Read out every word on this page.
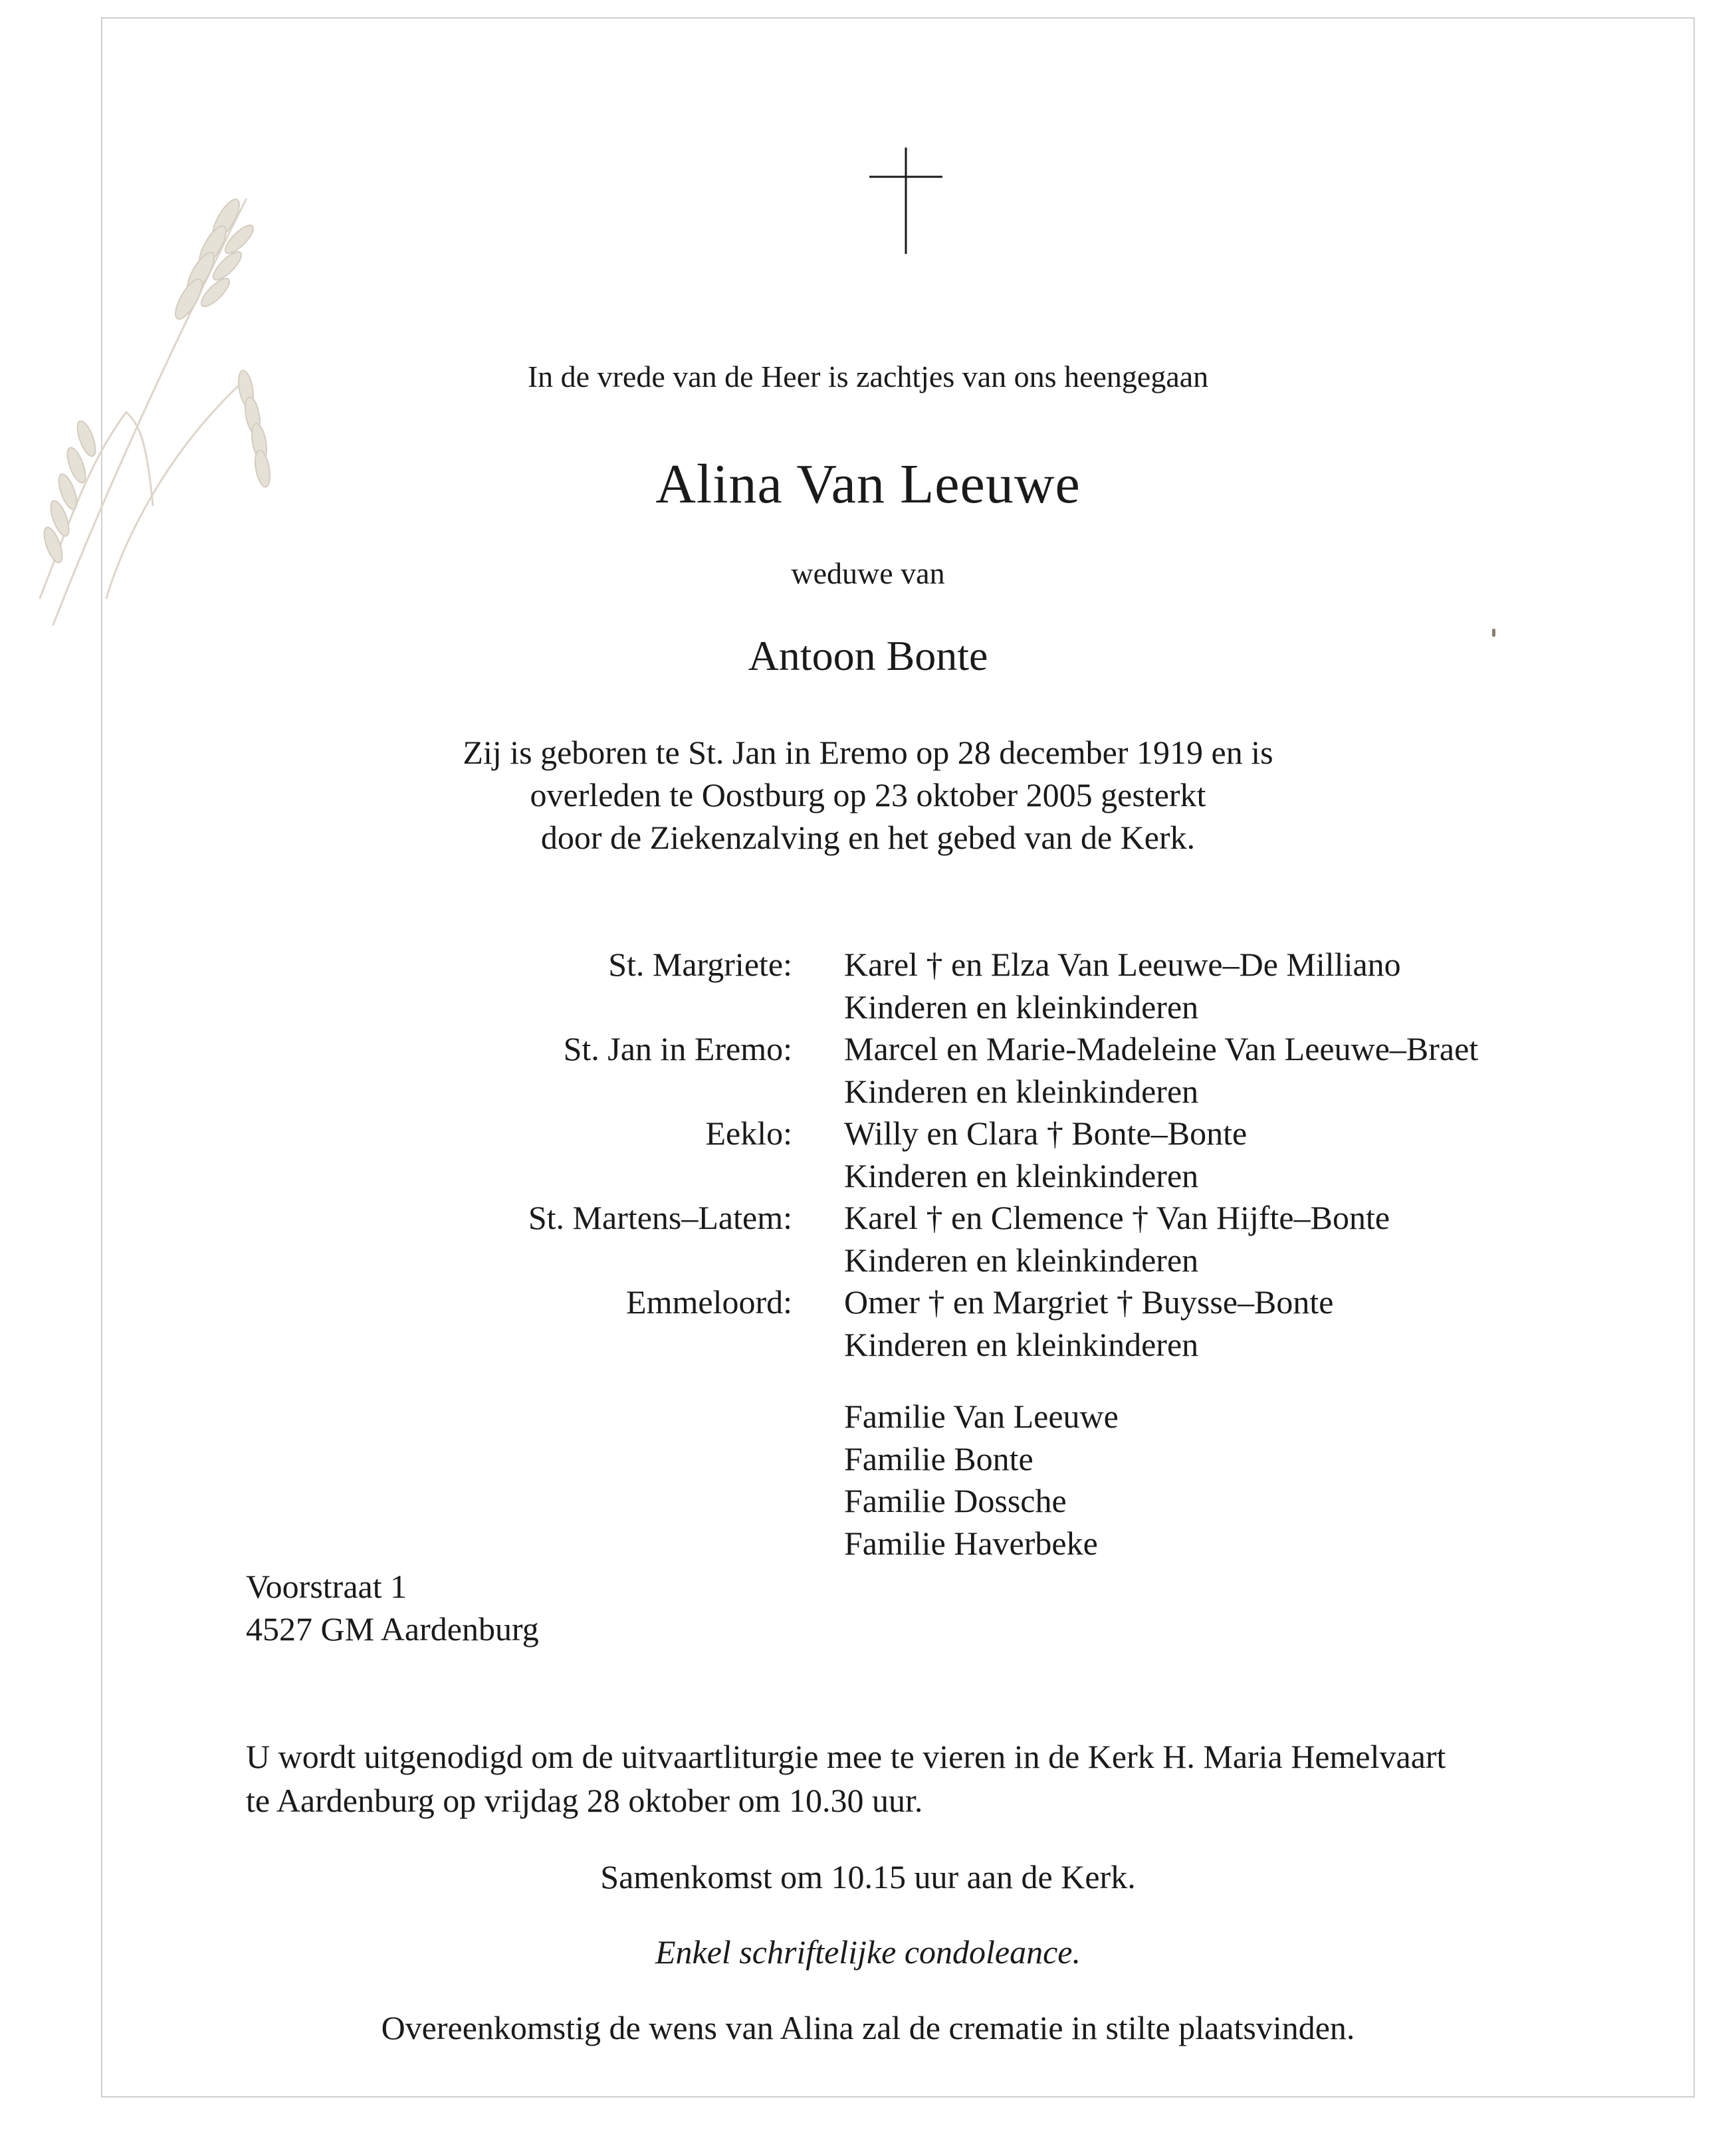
In de vrede van de Heer is zachtjes van ons heengegaan
Alina Van Leeuwe
weduwe van
Antoon Bonte
Zij is geboren te St. Jan in Eremo op 28 december 1919 en is
overleden te Oostburg op 23 oktober 2005 gesterkt
door de Ziekenzalving en het gebed van de Kerk.
St. Margriete: Karel † en Elza Van Leeuwe–De Milliano
Kinderen en kleinkinderen
St. Jan in Eremo: Marcel en Marie-Madeleine Van Leeuwe–Braet
Kinderen en kleinkinderen
Eeklo: Willy en Clara † Bonte–Bonte
Kinderen en kleinkinderen
St. Martens–Latem: Karel † en Clemence † Van Hijfte–Bonte
Kinderen en kleinkinderen
Emmeloord: Omer † en Margriet † Buysse–Bonte
Kinderen en kleinkinderen
Familie Van Leeuwe
Familie Bonte
Familie Dossche
Familie Haverbeke
Voorstraat 1
4527 GM Aardenburg
U wordt uitgenodigd om de uitvaartliturgie mee te vieren in de Kerk H. Maria Hemelvaart
te Aardenburg op vrijdag 28 oktober om 10.30 uur.
Samenkomst om 10.15 uur aan de Kerk.
Enkel schriftelijke condoleance.
Overeenkomstig de wens van Alina zal de crematie in stilte plaatsvinden.
